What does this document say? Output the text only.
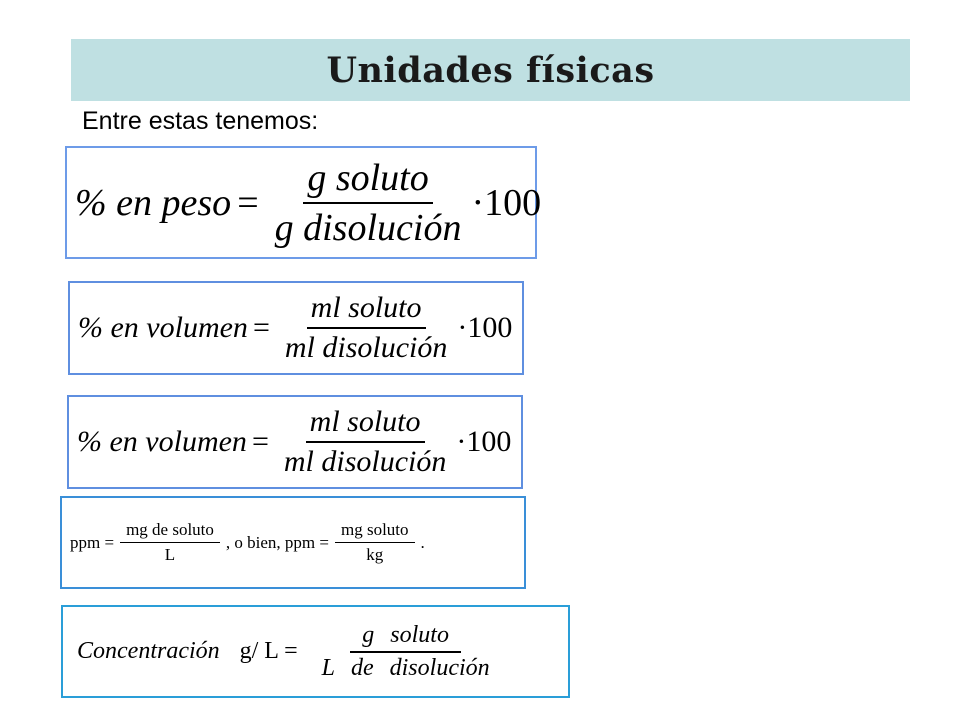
Unidades físicas
Entre estas tenemos:
% en peso = $\frac{\text{g soluto}}{\text{g disolución}} \cdot 100$
% en volumen = $\frac{\text{ml soluto}}{\text{ml disolución}} \cdot 100$
% en volumen = $\frac{\text{ml soluto}}{\text{ml disolución}} \cdot 100$
ppm = $\frac{\text{mg de soluto}}{L}$ , o bien, ppm = $\frac{\text{mg soluto}}{kg}$ .
Concentración g/ $L = \frac{\text{g soluto}}{\text{L de disolución}}$
